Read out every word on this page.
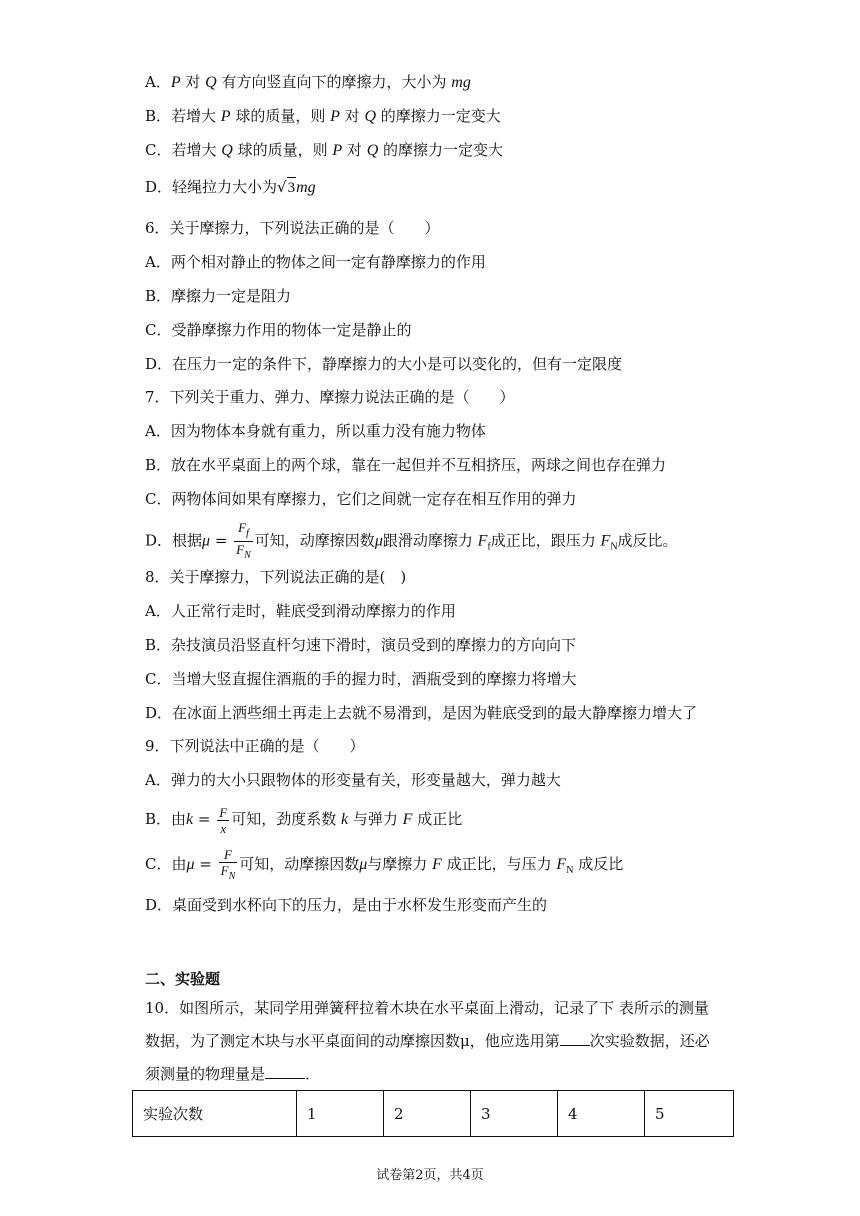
A．P 对 Q 有方向竖直向下的摩擦力，大小为 mg
B．若增大 P 球的质量，则 P 对 Q 的摩擦力一定变大
C．若增大 Q 球的质量，则 P 对 Q 的摩擦力一定变大
D．轻绳拉力大小为√3mg
6．关于摩擦力，下列说法正确的是（　　）
A．两个相对静止的物体之间一定有静摩擦力的作用
B．摩擦力一定是阻力
C．受静摩擦力作用的物体一定是静止的
D．在压力一定的条件下，静摩擦力的大小是可以变化的，但有一定限度
7．下列关于重力、弹力、摩擦力说法正确的是（　　）
A．因为物体本身就有重力，所以重力没有施力物体
B．放在水平桌面上的两个球，靠在一起但并不互相挤压，两球之间也存在弹力
C．两物体间如果有摩擦力，它们之间就一定存在相互作用的弹力
D．根据$\mu = \frac{F_f}{F_N}$ 可知，动摩擦因数μ跟滑动摩擦力 $F_f$成正比，跟压力 $F_N$成反比。
8．关于摩擦力，下列说法正确的是(　)
A．人正常行走时，鞋底受到滑动摩擦力的作用
B．杂技演员沿竖直杆匀速下滑时，演员受到的摩擦力的方向向下
C．当增大竖直握住酒瓶的手的握力时，酒瓶受到的摩擦力将增大
D．在冰面上洒些细土再走上去就不易滑到，是因为鞋底受到的最大静摩擦力增大了
9．下列说法中正确的是（　　）
A．弹力的大小只跟物体的形变量有关，形变量越大，弹力越大
B．由$k = \frac{F}{x}$ 可知，劲度系数 k 与弹力 F 成正比
C．由$\mu = \frac{F}{F_N}$ 可知，动摩擦因数μ与摩擦力 F 成正比，与压力 $F_N$ 成反比
D．桌面受到水杯向下的压力，是由于水杯发生形变而产生的
二、实验题
10．如图所示，某同学用弹簧秤拉着木块在水平桌面上滑动，记录了下 表所示的测量
数据，为了测定木块与水平桌面间的动摩擦因数μ，他应选用第 次实验数据，还必
须测量的物理量是	．
实验次数	1	2	3	4	5
试卷第2页，共4页
